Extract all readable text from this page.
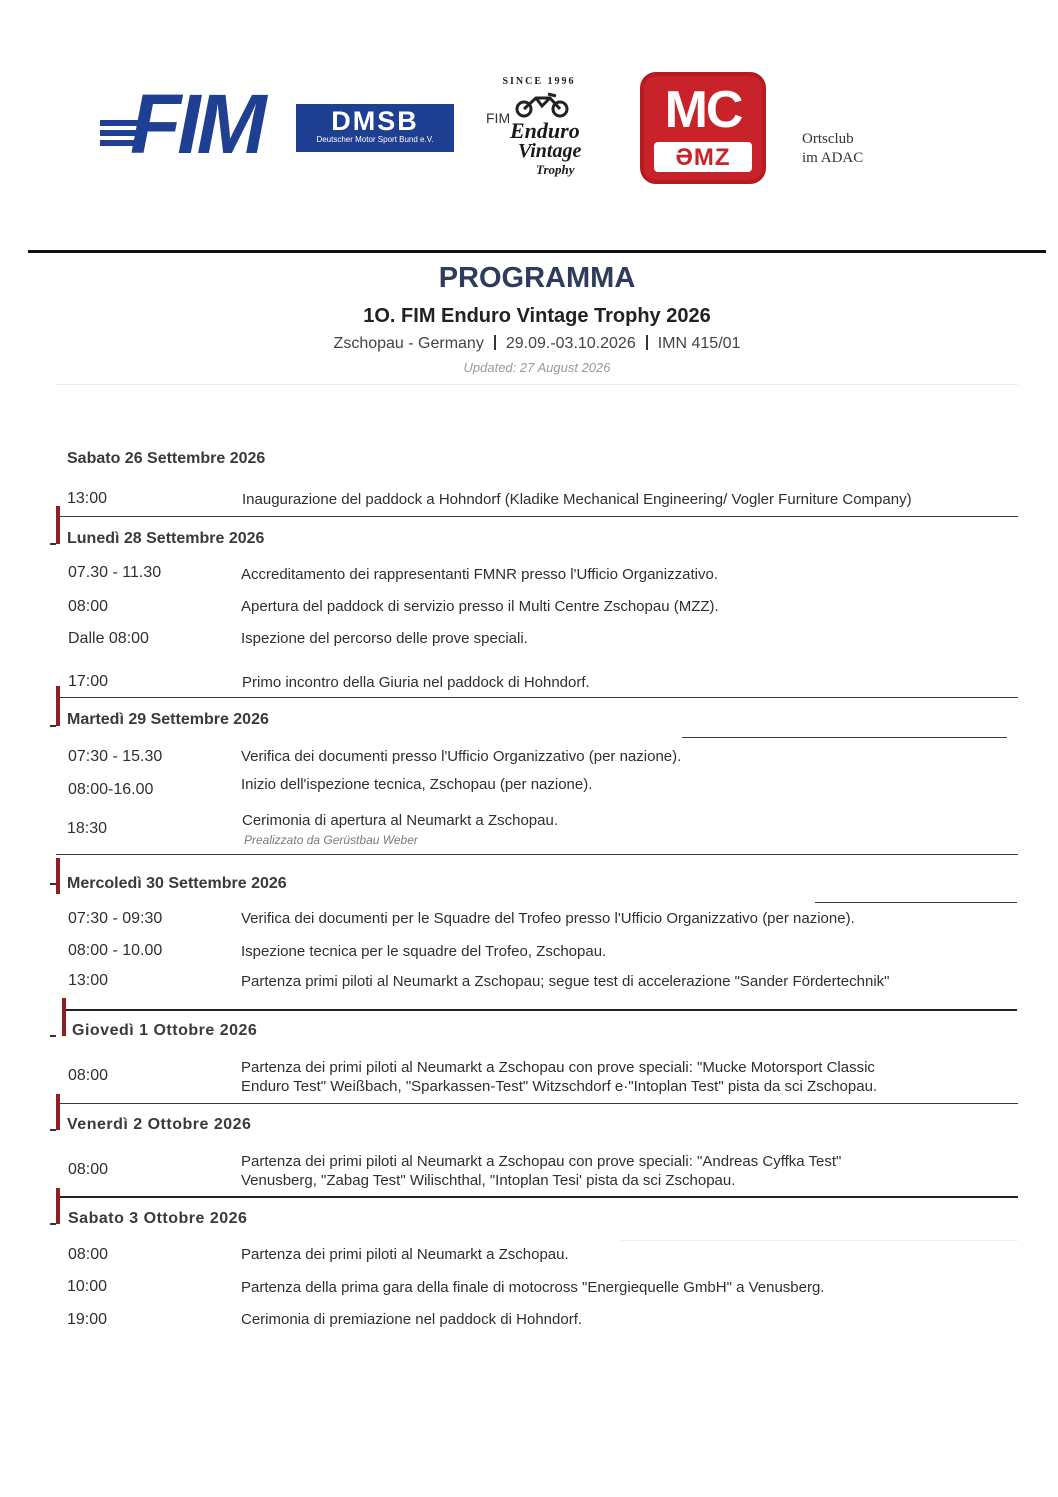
FIM	DMSB
Deutscher Motor Sport Bund e.V.
SINCE 1996
FIM Enduro
Vintage
Trophy
MC
ƏMZ
Ortsclub
im ADAC
PROGRAMMA
1O. FIM Enduro Vintage Trophy 2026
Zschopau - Germany 29.09.-03.10.2026 IMN 415/01
Updated: 27 August 2026
Sabato 26 Settembre 2026
13:00	Inaugurazione del paddock a Hohndorf (Kladike Mechanical Engineering/ Vogler Furniture Company)
Lunedì 28 Settembre 2026
07.30 - 11.30	Accreditamento dei rappresentanti FMNR presso l'Ufficio Organizzativo.
08:00	Apertura del paddock di servizio presso il Multi Centre Zschopau (MZZ).
Dalle 08:00	Ispezione del percorso delle prove speciali.
17:00	Primo incontro della Giuria nel paddock di Hohndorf.
Martedì 29 Settembre 2026
07:30 - 15.30	Verifica dei documenti presso l'Ufficio Organizzativo (per nazione).
08:00-16.00	Inizio dell'ispezione tecnica, Zschopau (per nazione).
18:30	Cerimonia di apertura al Neumarkt a Zschopau.
Prealizzato da Gerüstbau Weber
Mercoledì 30 Settembre 2026
07:30 - 09:30	Verifica dei documenti per le Squadre del Trofeo presso l'Ufficio Organizzativo (per nazione).
08:00 - 10.00	Ispezione tecnica per le squadre del Trofeo, Zschopau.
13:00	Partenza primi piloti al Neumarkt a Zschopau; segue test di accelerazione "Sander Fördertechnik"
Giovedì 1 Ottobre 2026
08:00	Partenza dei primi piloti al Neumarkt a Zschopau con prove speciali: "Mucke Motorsport Classic
Enduro Test" Weißbach, "Sparkassen-Test" Witzschdorf e·"Intoplan Test" pista da sci Zschopau.
Venerdì 2 Ottobre 2026
08:00	Partenza dei primi piloti al Neumarkt a Zschopau con prove speciali: "Andreas Cyffka Test"
Venusberg, "Zabag Test" Wilischthal, "Intoplan Tesi' pista da sci Zschopau.
Sabato 3 Ottobre 2026
08:00	Partenza dei primi piloti al Neumarkt a Zschopau.
10:00	Partenza della prima gara della finale di motocross "Energiequelle GmbH" a Venusberg.
19:00	Cerimonia di premiazione nel paddock di Hohndorf.
